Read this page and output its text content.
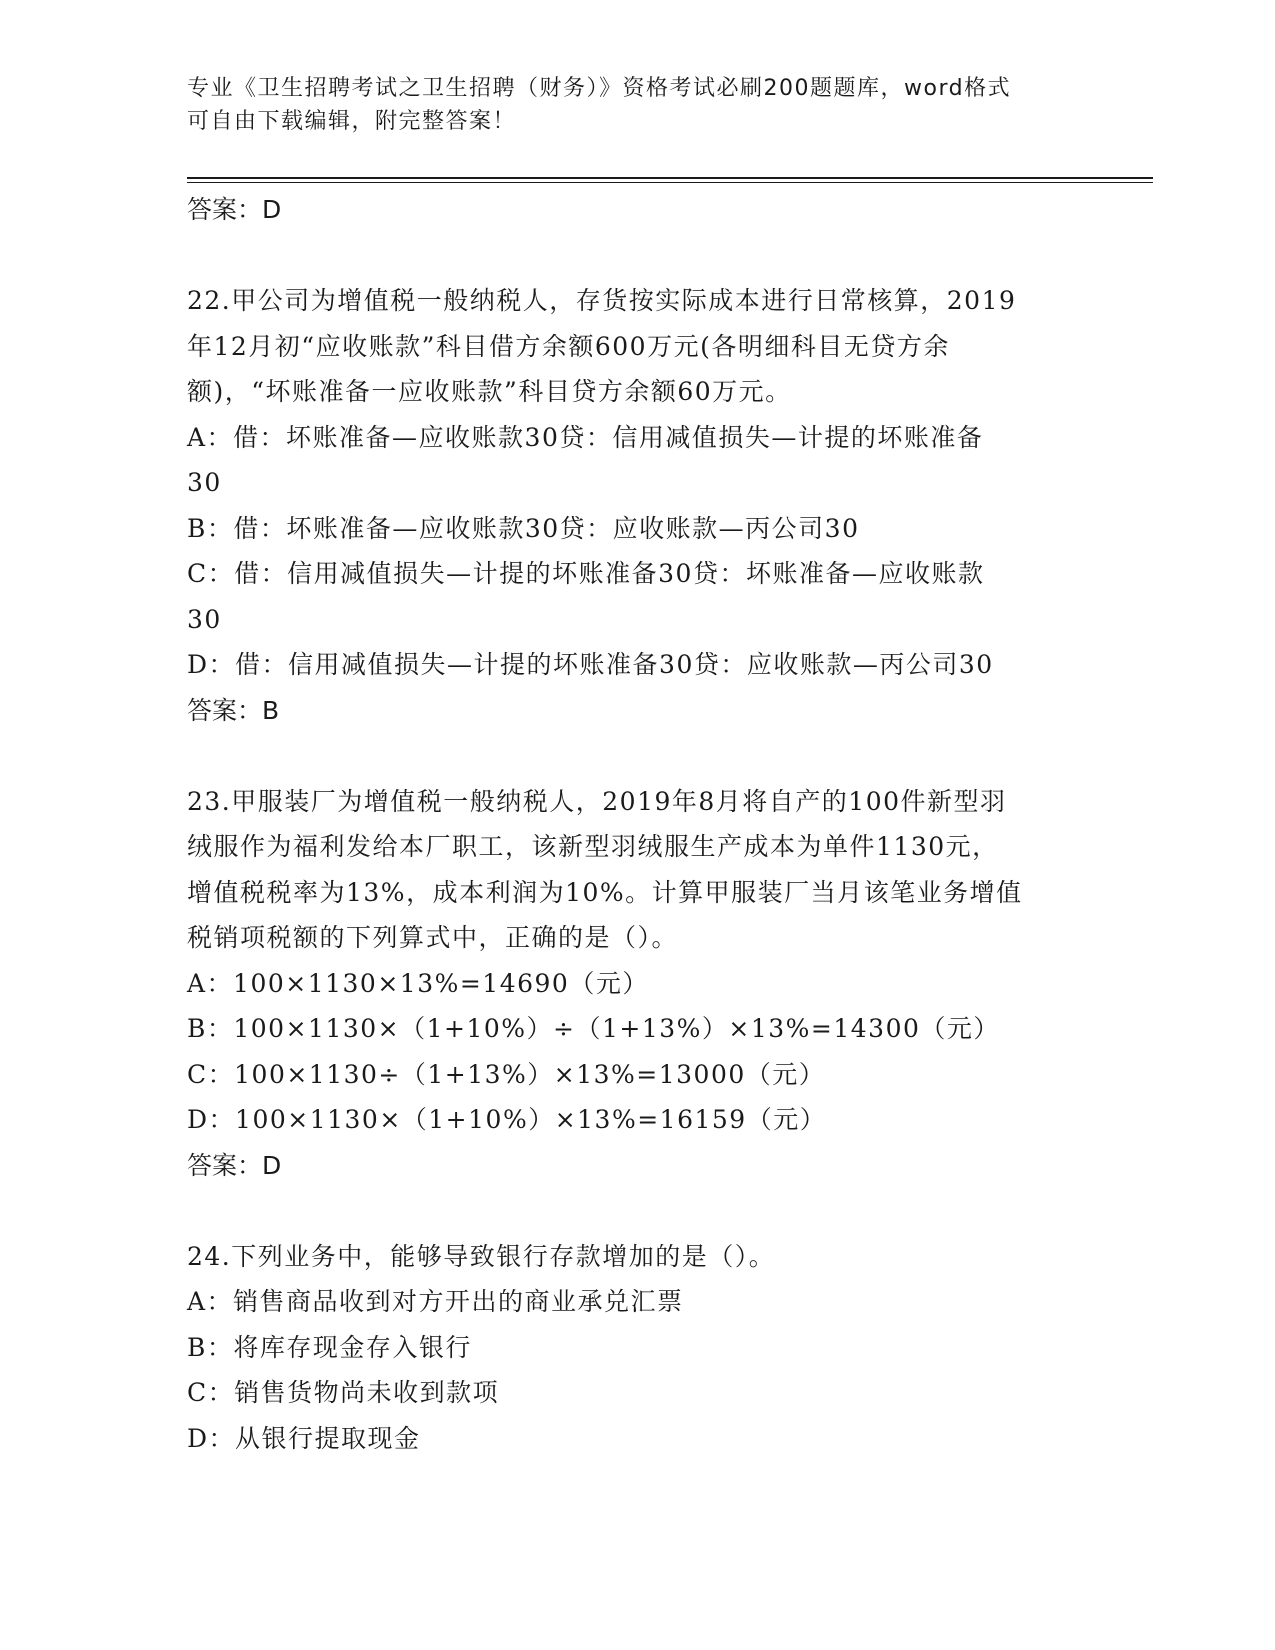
专业《卫生招聘考试之卫生招聘（财务）》资格考试必刷200题题库，word格式
可自由下载编辑，附完整答案！
答案：D
22.甲公司为增值税一般纳税人，存货按实际成本进行日常核算，2019
年12月初“应收账款”科目借方余额600万元(各明细科目无贷方余
额)，“坏账准备一应收账款”科目贷方余额60万元。
A：借：坏账准备—应收账款30贷：信用减值损失—计提的坏账准备
30
B：借：坏账准备—应收账款30贷：应收账款—丙公司30
C：借：信用减值损失—计提的坏账准备30贷：坏账准备—应收账款
30
D：借：信用减值损失—计提的坏账准备30贷：应收账款—丙公司30
答案：B
23.甲服装厂为增值税一般纳税人，2019年8月将自产的100件新型羽
绒服作为福利发给本厂职工，该新型羽绒服生产成本为单件1130元，
增值税税率为13%，成本利润为10%。计算甲服装厂当月该笔业务增值
税销项税额的下列算式中，正确的是（）。
A：100×1130×13%=14690（元）
B：100×1130×（1+10%）÷（1+13%）×13%=14300（元）
C：100×1130÷（1+13%）×13%=13000（元）
D：100×1130×（1+10%）×13%=16159（元）
答案：D
24.下列业务中，能够导致银行存款增加的是（）。
A：销售商品收到对方开出的商业承兑汇票
B：将库存现金存入银行
C：销售货物尚未收到款项
D：从银行提取现金
